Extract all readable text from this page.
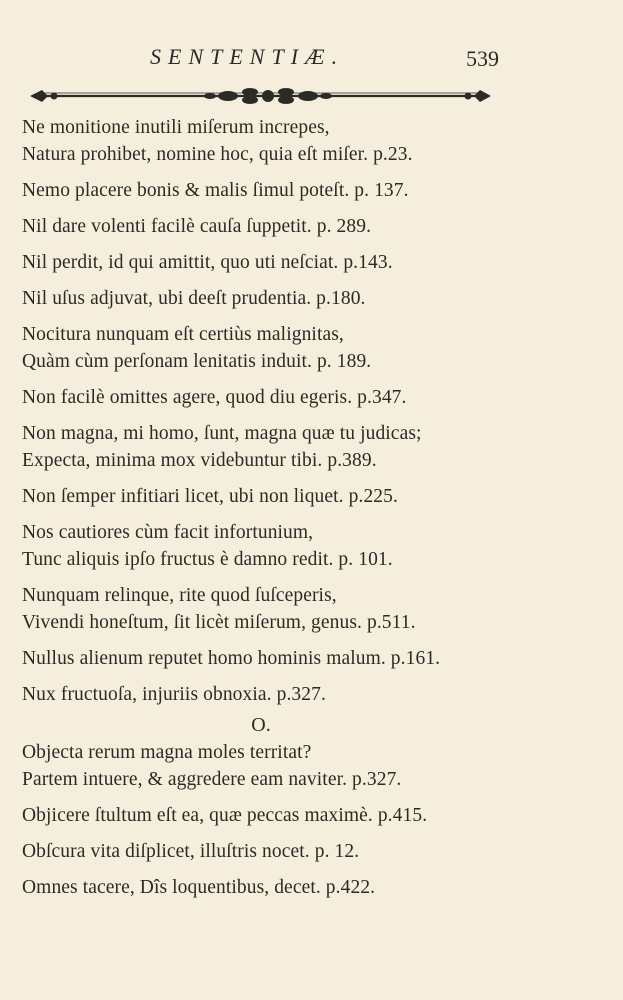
SENTENTIÆ.	539
Ne monitione inutili miſerum increpes,
Natura prohibet, nomine hoc, quia eſt miſer. p.23.
Nemo placere bonis & malis ſimul poteſt. p. 137.
Nil dare volenti facilè cauſa ſuppetit. p. 289.
Nil perdit, id qui amittit, quo uti neſciat. p.143.
Nil uſus adjuvat, ubi deeſt prudentia. p.180.
Nocitura nunquam eſt certiùs malignitas,
Quàm cùm perſonam lenitatis induit. p. 189.
Non facilè omittes agere, quod diu egeris. p.347.
Non magna, mi homo, ſunt, magna quæ tu judicas;
Expecta, minima mox videbuntur tibi. p.389.
Non ſemper infitiari licet, ubi non liquet. p.225.
Nos cautiores cùm facit infortunium,
Tunc aliquis ipſo fructus è damno redit. p. 101.
Nunquam relinque, rite quod ſuſceperis,
Vivendi honeſtum, ſit licèt miſerum, genus. p.511.
Nullus alienum reputet homo hominis malum. p.161.
Nux fructuoſa, injuriis obnoxia. p.327.
O.
Objecta rerum magna moles territat?
Partem intuere, & aggredere eam naviter. p.327.
Objicere ſtultum eſt ea, quæ peccas maximè. p.415.
Obſcura vita diſplicet, illuſtris nocet. p. 12.
Omnes tacere, Dîs loquentibus, decet. p.422.
